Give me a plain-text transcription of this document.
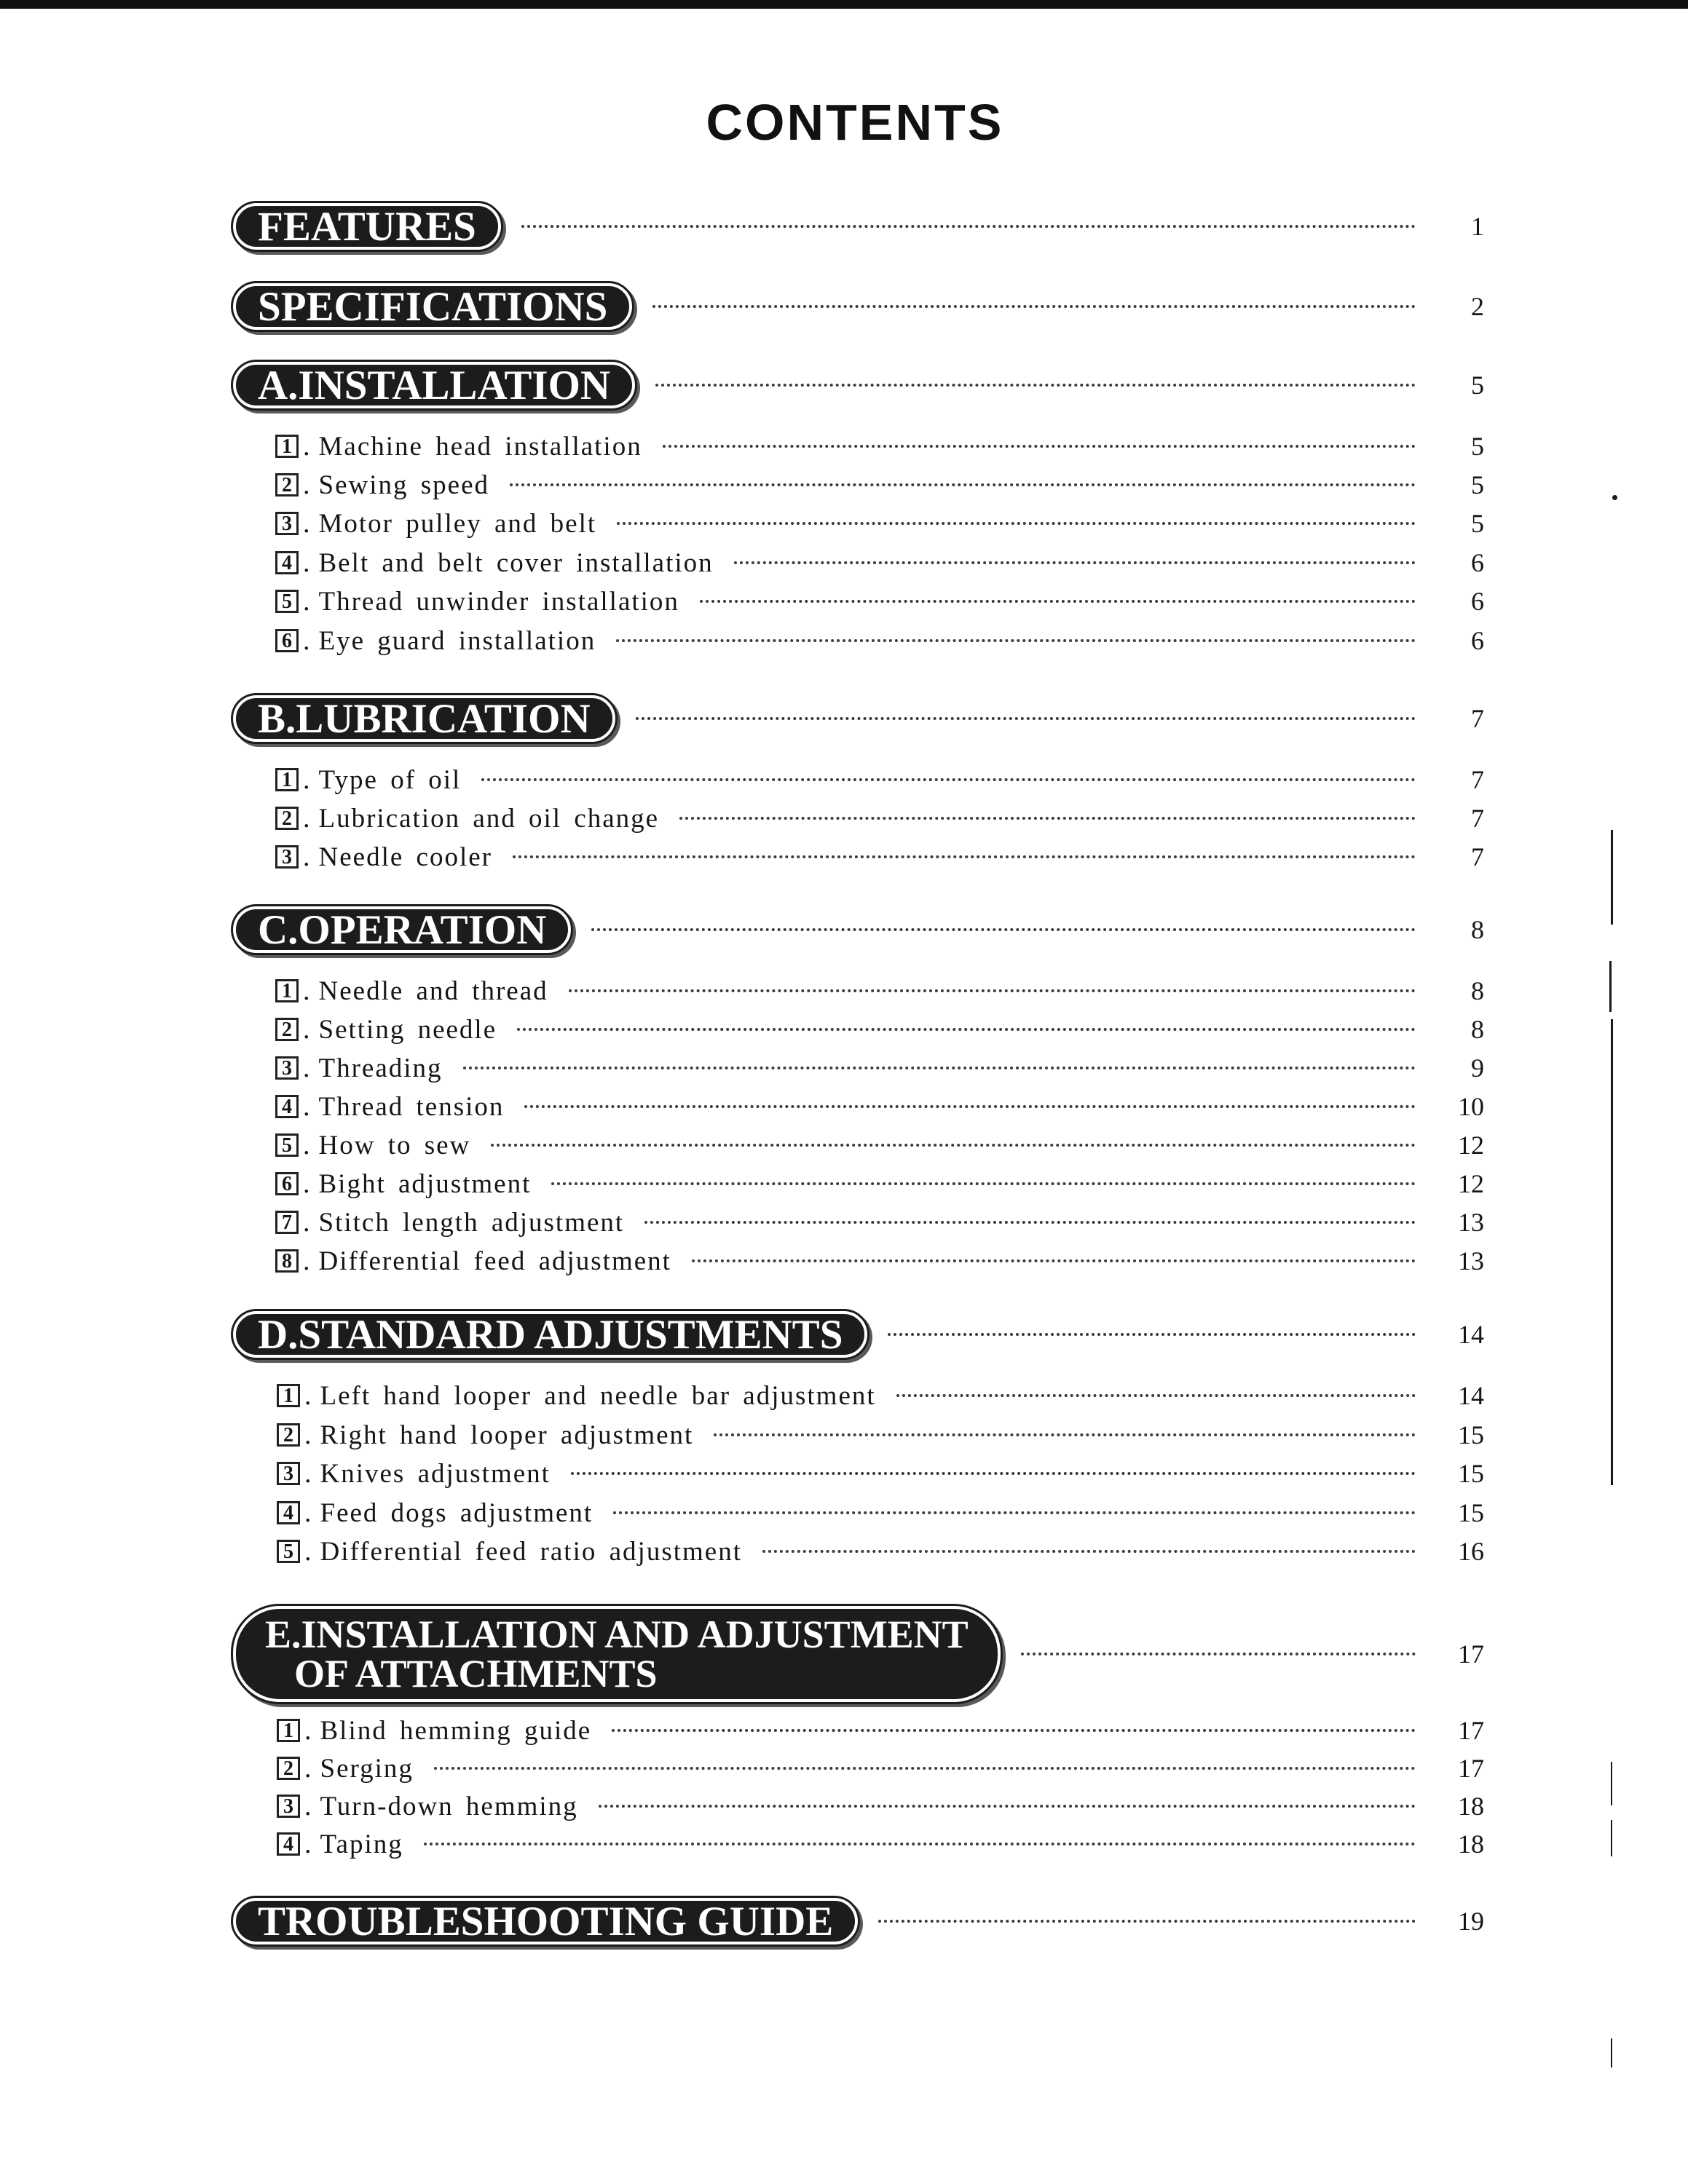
CONTENTS
FEATURES	1
SPECIFICATIONS	2
A.INSTALLATION	5
1 . Machine head installation	5
2 . Sewing speed	5
3 . Motor pulley and belt	5
4 . Belt and belt cover installation	6
5 . Thread unwinder installation	6
6 . Eye guard installation	6
B.LUBRICATION	7
1 . Type of oil	7
2 . Lubrication and oil change	7
3 . Needle cooler	7
C.OPERATION	8
1 . Needle and thread	8
2 . Setting needle	8
3 . Threading	9
4 . Thread tension	10
5 . How to sew	12
6 . Bight adjustment	12
7 . Stitch length adjustment	13
8 . Differential feed adjustment	13
D.STANDARD ADJUSTMENTS	14
1 . Left hand looper and needle bar adjustment	14
2 . Right hand looper adjustment	15
3 . Knives adjustment	15
4 . Feed dogs adjustment	15
5 . Differential feed ratio adjustment	16
E.INSTALLATION AND ADJUSTMENT
OF ATTACHMENTS	17
1 . Blind hemming guide	17
2 . Serging	17
3 . Turn-down hemming	18
4 . Taping	18
TROUBLESHOOTING GUIDE	19
